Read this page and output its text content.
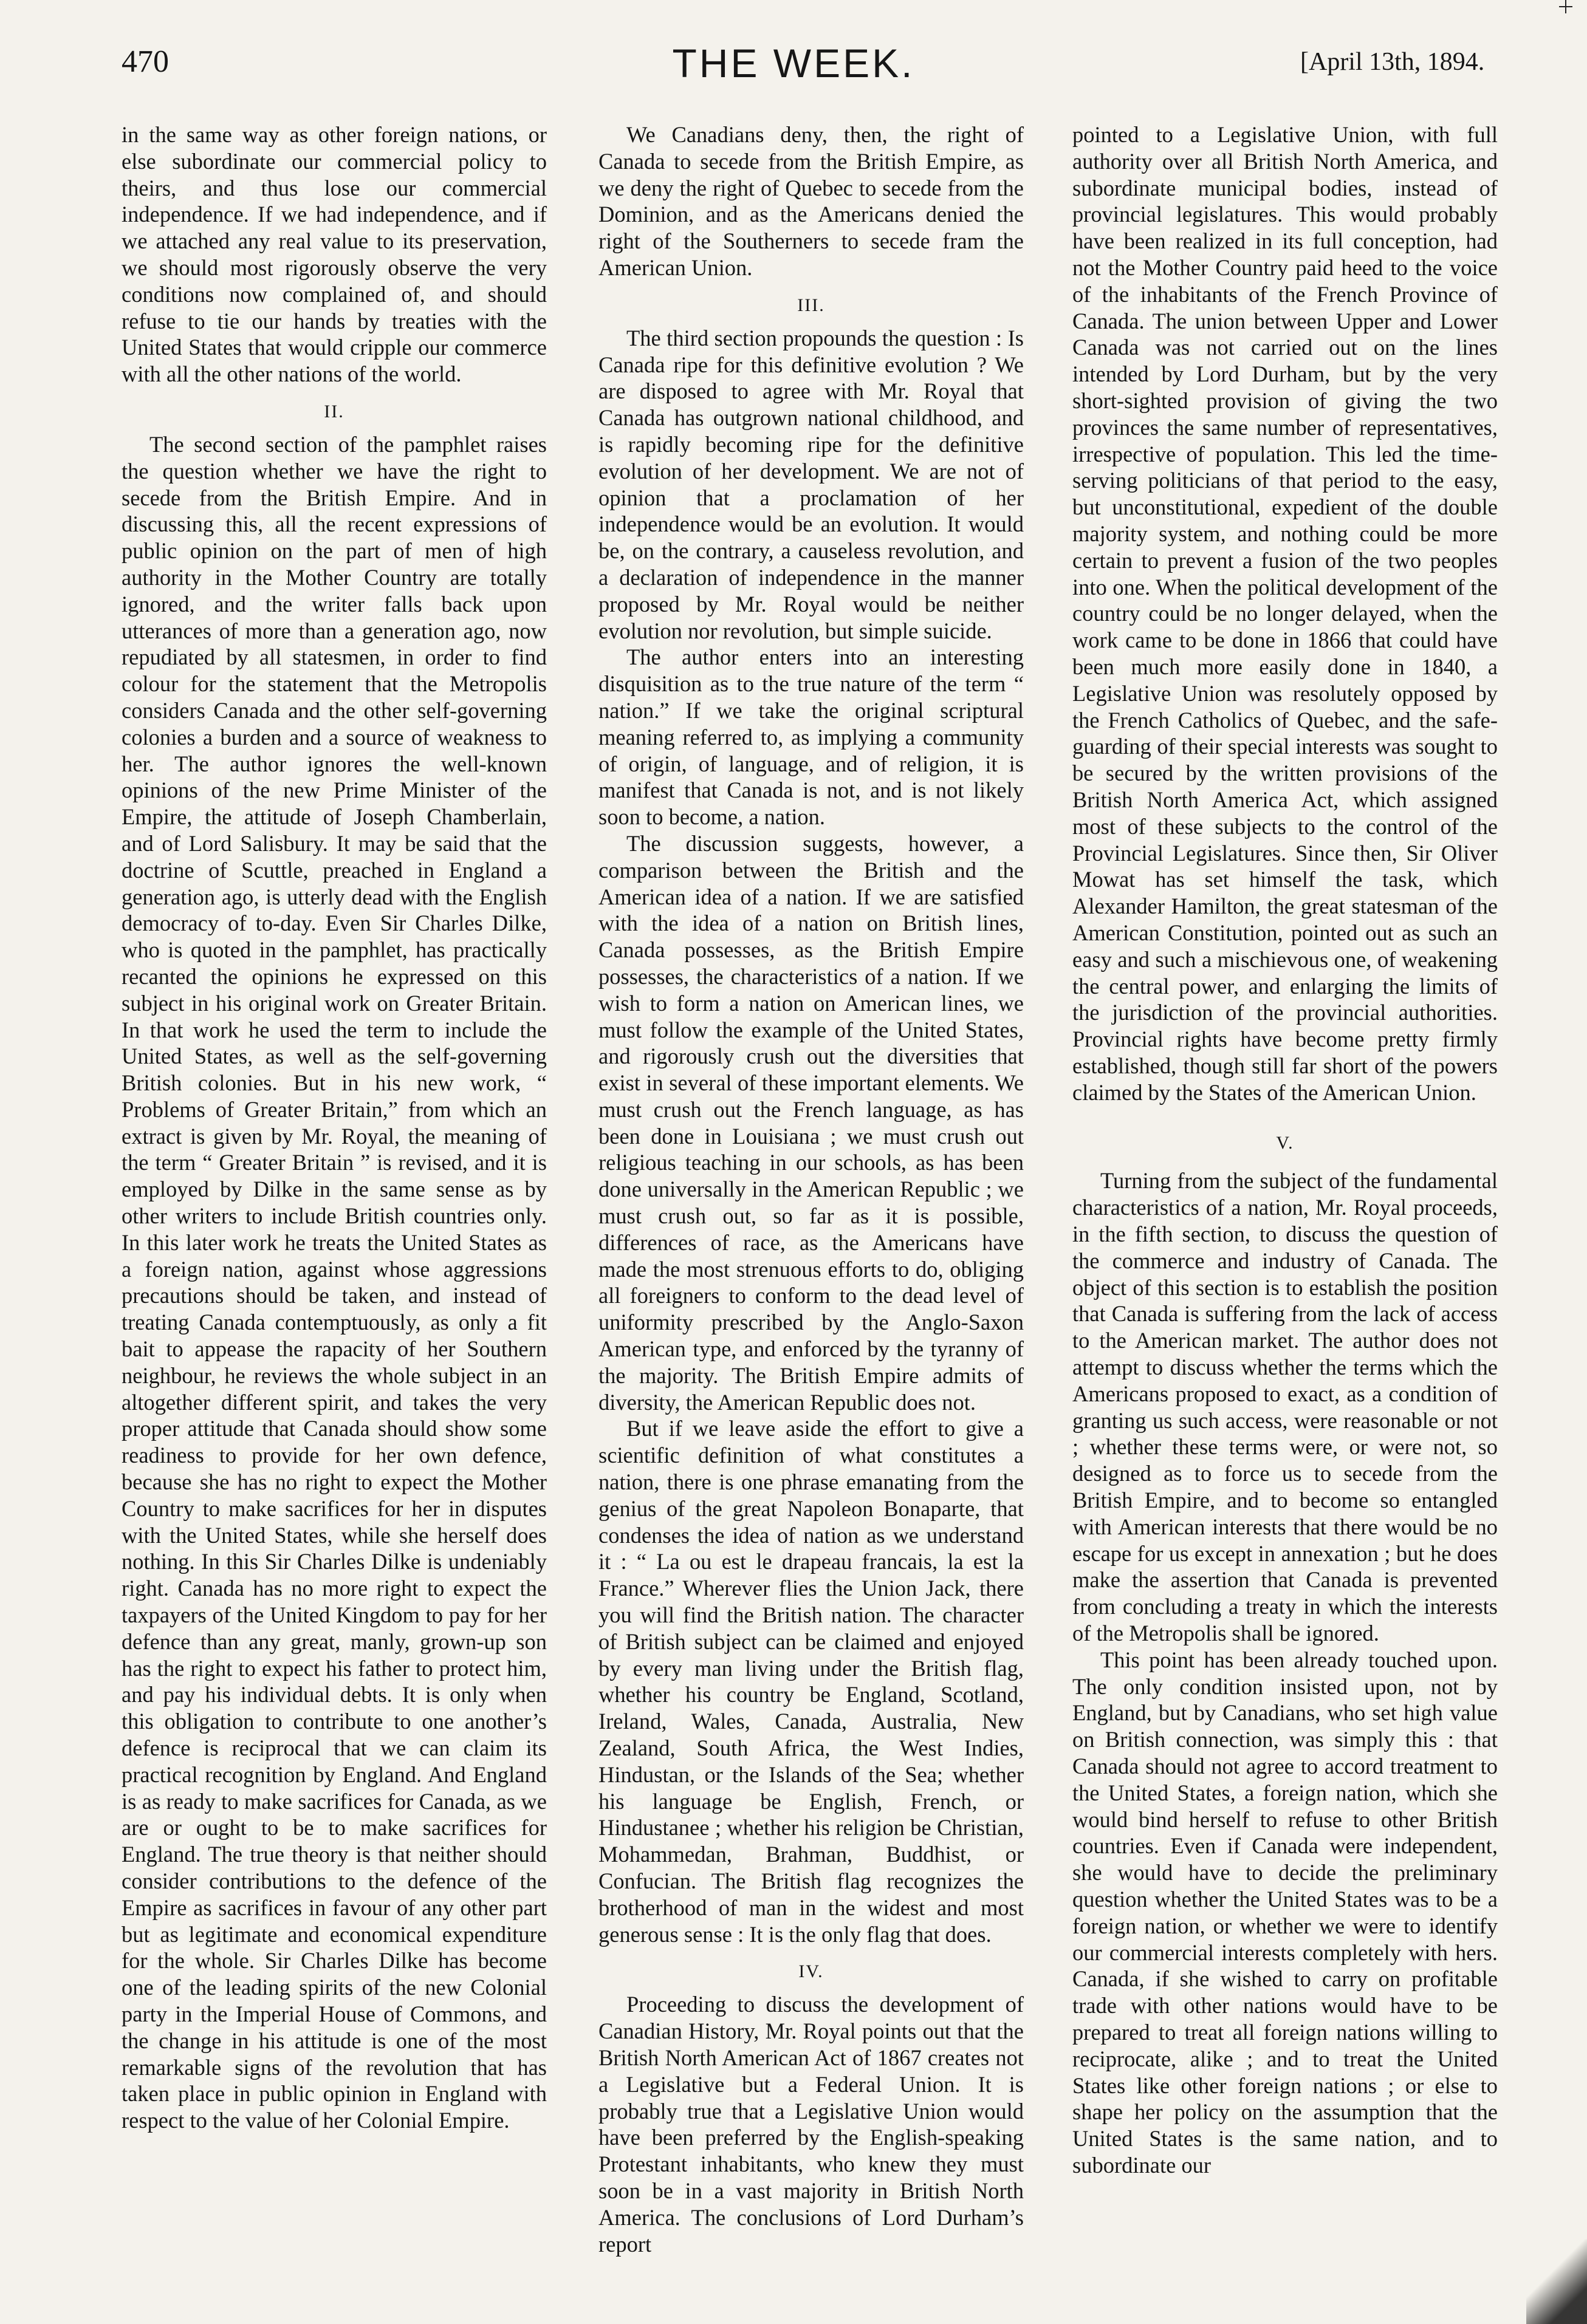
470	THE WEEK.	[April 13th, 1894.

in the same way as other foreign nations, or else subordinate our commercial policy to theirs, and thus lose our commercial independence. If we had independence, and if we attached any real value to its preservation, we should most rigorously observe the very conditions now complained of, and should refuse to tie our hands by treaties with the United States that would cripple our commerce with all the other nations of the world.

II.

The second section of the pamphlet raises the question whether we have the right to secede from the British Empire. And in discussing this, all the recent expressions of public opinion on the part of men of high authority in the Mother Country are totally ignored, and the writer falls back upon utterances of more than a generation ago, now repudiated by all statesmen, in order to find colour for the statement that the Metropolis considers Canada and the other self-governing colonies a burden and a source of weakness to her. The author ignores the well-known opinions of the new Prime Minister of the Empire, the attitude of Joseph Chamberlain, and of Lord Salisbury. It may be said that the doctrine of Scuttle, preached in England a generation ago, is utterly dead with the English democracy of to-day. Even Sir Charles Dilke, who is quoted in the pamphlet, has practically recanted the opinions he expressed on this subject in his original work on Greater Britain. In that work he used the term to include the United States, as well as the self-governing British colonies. But in his new work, “ Problems of Greater Britain,” from which an extract is given by Mr. Royal, the meaning of the term “ Greater Britain ” is revised, and it is employed by Dilke in the same sense as by other writers to include British countries only. In this later work he treats the United States as a foreign nation, against whose aggressions precautions should be taken, and instead of treating Canada contemptuously, as only a fit bait to appease the rapacity of her Southern neighbour, he reviews the whole subject in an altogether different spirit, and takes the very proper attitude that Canada should show some readiness to provide for her own defence, because she has no right to expect the Mother Country to make sacrifices for her in disputes with the United States, while she herself does nothing. In this Sir Charles Dilke is undeniably right. Canada has no more right to expect the taxpayers of the United Kingdom to pay for her defence than any great, manly, grown-up son has the right to expect his father to protect him, and pay his individual debts. It is only when this obligation to contribute to one another’s defence is reciprocal that we can claim its practical recognition by England. And England is as ready to make sacrifices for Canada, as we are or ought to be to make sacrifices for England. The true theory is that neither should consider contributions to the defence of the Empire as sacrifices in favour of any other part but as legitimate and economical expenditure for the whole. Sir Charles Dilke has become one of the leading spirits of the new Colonial party in the Imperial House of Commons, and the change in his attitude is one of the most remarkable signs of the revolution that has taken place in public opinion in England with respect to the value of her Colonial Empire.

We Canadians deny, then, the right of Canada to secede from the British Empire, as we deny the right of Quebec to secede from the Dominion, and as the Americans denied the right of the Southerners to secede fram the American Union.

III.

The third section propounds the question : Is Canada ripe for this definitive evolution ? We are disposed to agree with Mr. Royal that Canada has outgrown national childhood, and is rapidly becoming ripe for the definitive evolution of her development. We are not of opinion that a proclamation of her independence would be an evolution. It would be, on the contrary, a causeless revolution, and a declaration of independence in the manner proposed by Mr. Royal would be neither evolution nor revolution, but simple suicide.

The author enters into an interesting disquisition as to the true nature of the term “ nation.” If we take the original scriptural meaning referred to, as implying a community of origin, of language, and of religion, it is manifest that Canada is not, and is not likely soon to become, a nation.

The discussion suggests, however, a comparison between the British and the American idea of a nation. If we are satisfied with the idea of a nation on British lines, Canada possesses, as the British Empire possesses, the characteristics of a nation. If we wish to form a nation on American lines, we must follow the example of the United States, and rigorously crush out the diversities that exist in several of these important elements. We must crush out the French language, as has been done in Louisiana ; we must crush out religious teaching in our schools, as has been done universally in the American Republic ; we must crush out, so far as it is possible, differences of race, as the Americans have made the most strenuous efforts to do, obliging all foreigners to conform to the dead level of uniformity prescribed by the Anglo-Saxon American type, and enforced by the tyranny of the majority. The British Empire admits of diversity, the American Republic does not.

But if we leave aside the effort to give a scientific definition of what constitutes a nation, there is one phrase emanating from the genius of the great Napoleon Bonaparte, that condenses the idea of nation as we understand it : “ La ou est le drapeau francais, la est la France.” Wherever flies the Union Jack, there you will find the British nation. The character of British subject can be claimed and enjoyed by every man living under the British flag, whether his country be England, Scotland, Ireland, Wales, Canada, Australia, New Zealand, South Africa, the West Indies, Hindustan, or the Islands of the Sea; whether his language be English, French, or Hindustanee ; whether his religion be Christian, Mohammedan, Brahman, Buddhist, or Confucian. The British flag recognizes the brotherhood of man in the widest and most generous sense : It is the only flag that does.

IV.

Proceeding to discuss the development of Canadian History, Mr. Royal points out that the British North American Act of 1867 creates not a Legislative but a Federal Union. It is probably true that a Legislative Union would have been preferred by the English-speaking Protestant inhabitants, who knew they must soon be in a vast majority in British North America. The conclusions of Lord Durham’s report

pointed to a Legislative Union, with full authority over all British North America, and subordinate municipal bodies, instead of provincial legislatures. This would probably have been realized in its full conception, had not the Mother Country paid heed to the voice of the inhabitants of the French Province of Canada. The union between Upper and Lower Canada was not carried out on the lines intended by Lord Durham, but by the very short-sighted provision of giving the two provinces the same number of representatives, irrespective of population. This led the time-serving politicians of that period to the easy, but unconstitutional, expedient of the double majority system, and nothing could be more certain to prevent a fusion of the two peoples into one. When the political development of the country could be no longer delayed, when the work came to be done in 1866 that could have been much more easily done in 1840, a Legislative Union was resolutely opposed by the French Catholics of Quebec, and the safe-guarding of their special interests was sought to be secured by the written provisions of the British North America Act, which assigned most of these subjects to the control of the Provincial Legislatures. Since then, Sir Oliver Mowat has set himself the task, which Alexander Hamilton, the great statesman of the American Constitution, pointed out as such an easy and such a mischievous one, of weakening the central power, and enlarging the limits of the jurisdiction of the provincial authorities. Provincial rights have become pretty firmly established, though still far short of the powers claimed by the States of the American Union.

V.

Turning from the subject of the fundamental characteristics of a nation, Mr. Royal proceeds, in the fifth section, to discuss the question of the commerce and industry of Canada. The object of this section is to establish the position that Canada is suffering from the lack of access to the American market. The author does not attempt to discuss whether the terms which the Americans proposed to exact, as a condition of granting us such access, were reasonable or not ; whether these terms were, or were not, so designed as to force us to secede from the British Empire, and to become so entangled with American interests that there would be no escape for us except in annexation ; but he does make the assertion that Canada is prevented from concluding a treaty in which the interests of the Metropolis shall be ignored.

This point has been already touched upon. The only condition insisted upon, not by England, but by Canadians, who set high value on British connection, was simply this : that Canada should not agree to accord treatment to the United States, a foreign nation, which she would bind herself to refuse to other British countries. Even if Canada were independent, she would have to decide the preliminary question whether the United States was to be a foreign nation, or whether we were to identify our commercial interests completely with hers. Canada, if she wished to carry on profitable trade with other nations would have to be prepared to treat all foreign nations willing to reciprocate, alike ; and to treat the United States like other foreign nations ; or else to shape her policy on the assumption that the United States is the same nation, and to subordinate our
